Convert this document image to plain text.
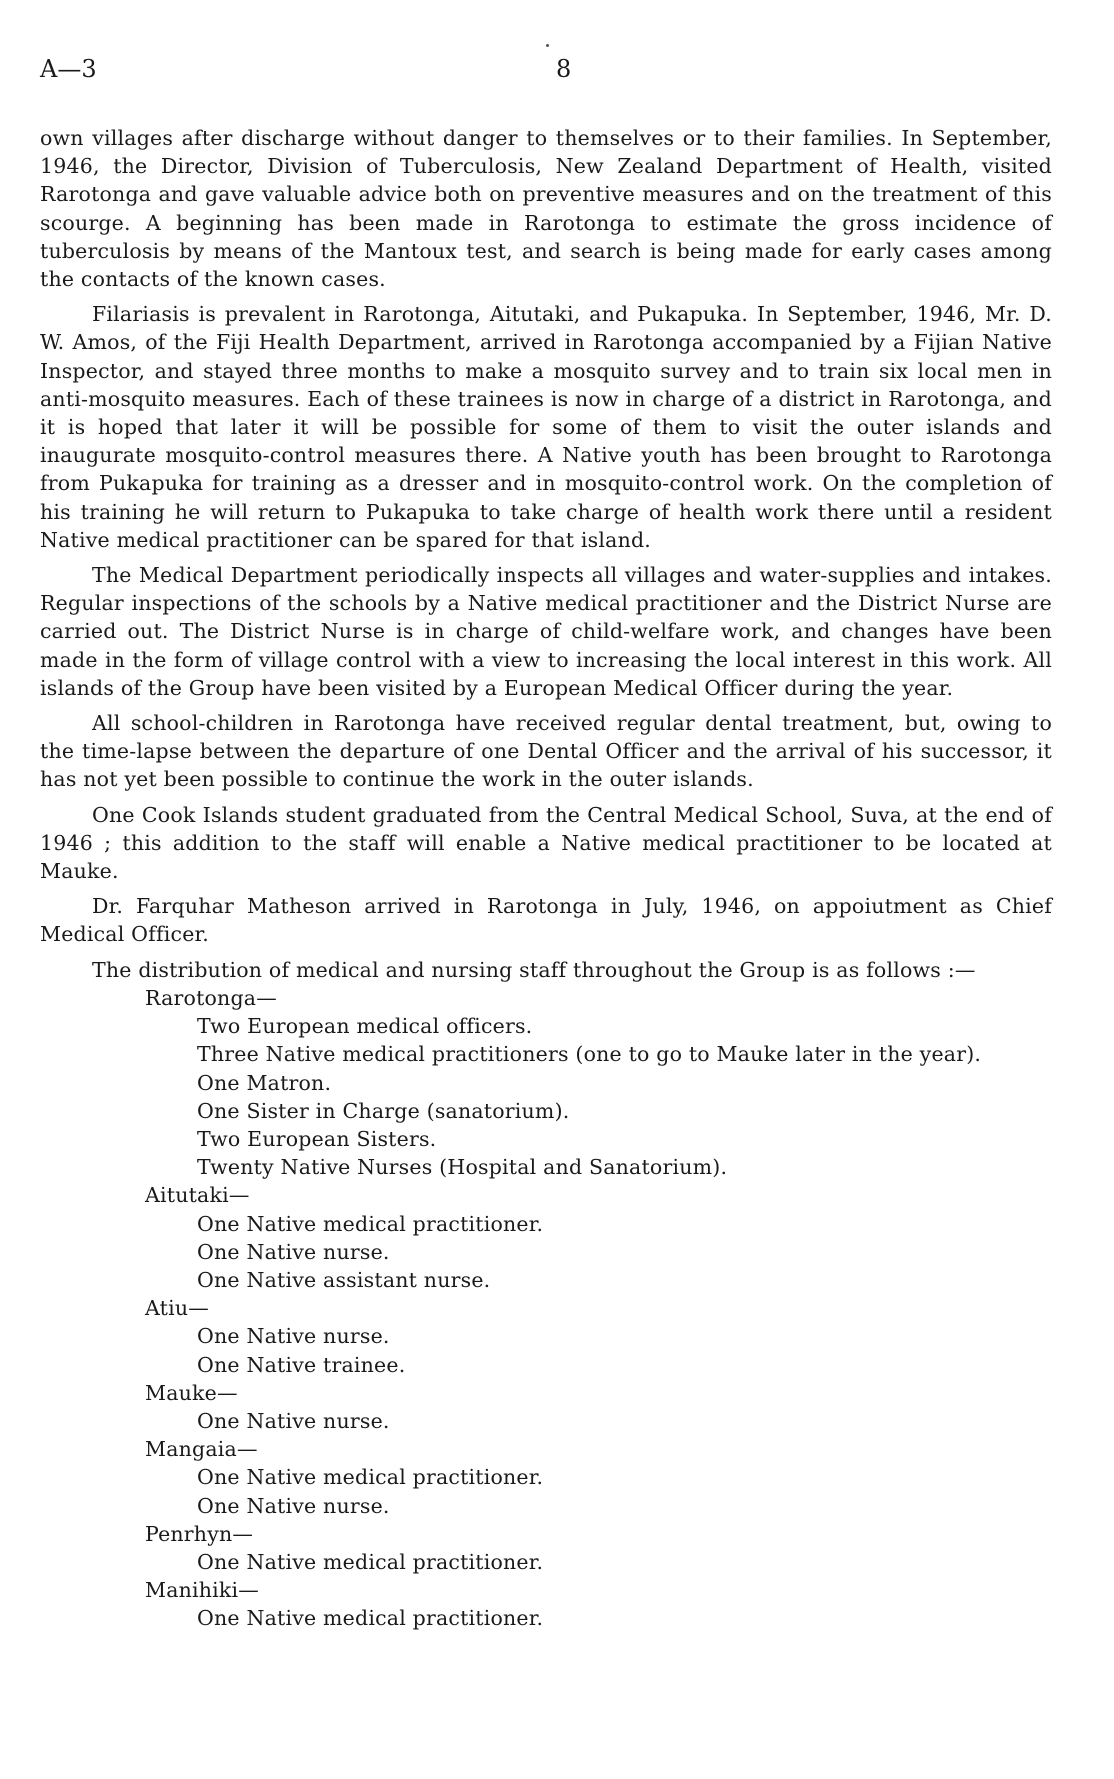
A—3	8

own villages after discharge without danger to themselves or to their families. In September, 1946, the Director, Division of Tuberculosis, New Zealand Department of Health, visited Rarotonga and gave valuable advice both on preventive measures and on the treatment of this scourge. A beginning has been made in Rarotonga to estimate the gross incidence of tuberculosis by means of the Mantoux test, and search is being made for early cases among the contacts of the known cases.

Filariasis is prevalent in Rarotonga, Aitutaki, and Pukapuka. In September, 1946, Mr. D. W. Amos, of the Fiji Health Department, arrived in Rarotonga accompanied by a Fijian Native Inspector, and stayed three months to make a mosquito survey and to train six local men in anti-mosquito measures. Each of these trainees is now in charge of a district in Rarotonga, and it is hoped that later it will be possible for some of them to visit the outer islands and inaugurate mosquito-control measures there. A Native youth has been brought to Rarotonga from Pukapuka for training as a dresser and in mosquito-control work. On the completion of his training he will return to Pukapuka to take charge of health work there until a resident Native medical practitioner can be spared for that island.

The Medical Department periodically inspects all villages and water-supplies and intakes. Regular inspections of the schools by a Native medical practitioner and the District Nurse are carried out. The District Nurse is in charge of child-welfare work, and changes have been made in the form of village control with a view to increasing the local interest in this work. All islands of the Group have been visited by a European Medical Officer during the year.

All school-children in Rarotonga have received regular dental treatment, but, owing to the time-lapse between the departure of one Dental Officer and the arrival of his successor, it has not yet been possible to continue the work in the outer islands.

One Cook Islands student graduated from the Central Medical School, Suva, at the end of 1946 ; this addition to the staff will enable a Native medical practitioner to be located at Mauke.

Dr. Farquhar Matheson arrived in Rarotonga in July, 1946, on appoiutment as Chief Medical Officer.

The distribution of medical and nursing staff throughout the Group is as follows :—

Rarotonga—
Two European medical officers.
Three Native medical practitioners (one to go to Mauke later in the year).
One Matron.
One Sister in Charge (sanatorium).
Two European Sisters.
Twenty Native Nurses (Hospital and Sanatorium).
Aitutaki—
One Native medical practitioner.
One Native nurse.
One Native assistant nurse.
Atiu—
One Native nurse.
One Native trainee.
Mauke—
One Native nurse.
Mangaia—
One Native medical practitioner.
One Native nurse.
Penrhyn—
One Native medical practitioner.
Manihiki—
One Native medical practitioner.
